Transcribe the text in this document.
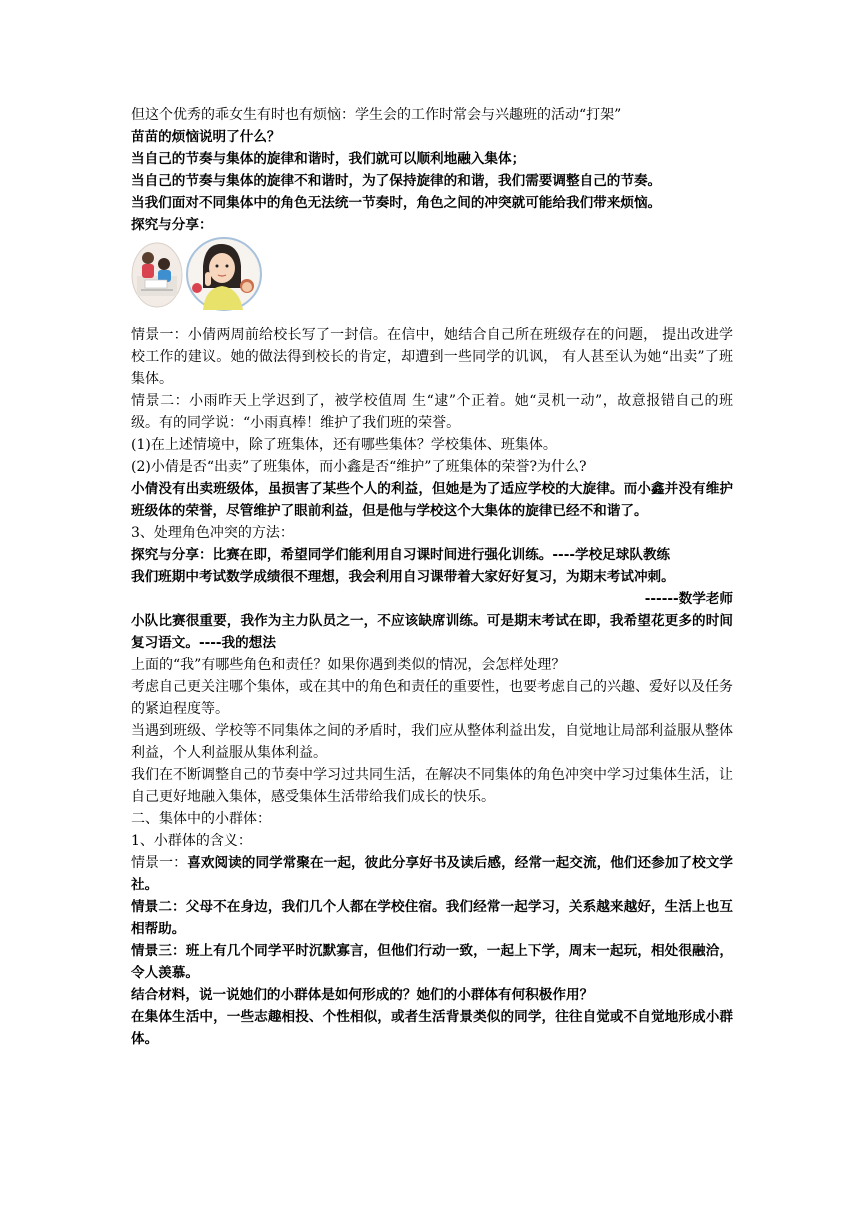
但这个优秀的乖女生有时也有烦恼：学生会的工作时常会与兴趣班的活动“打架”

苗苗的烦恼说明了什么？

当自己的节奏与集体的旋律和谐时，我们就可以顺利地融入集体；

当自己的节奏与集体的旋律不和谐时，为了保持旋律的和谐，我们需要调整自己的节奏。

当我们面对不同集体中的角色无法统一节奏时，角色之间的冲突就可能给我们带来烦恼。

探究与分享：

情景一：小倩两周前给校长写了一封信。在信中，她结合自己所在班级存在的问题， 提出改进学校工作的建议。她的做法得到校长的肯定，却遭到一些同学的讥讽， 有人甚至认为她“出卖”了班集体。

情景二：小雨昨天上学迟到了，被学校值周 生“逮”个正着。她“灵机一动”，故意报错自己的班级。有的同学说：“小雨真棒！维护了我们班的荣誉。

(1)在上述情境中，除了班集体，还有哪些集体？学校集体、班集体。

(2)小倩是否“出卖”了班集体，而小鑫是否“维护”了班集体的荣誉?为什么?

小倩没有出卖班级体，虽损害了某些个人的利益，但她是为了适应学校的大旋律。而小鑫并没有维护班级体的荣誉，尽管维护了眼前利益，但是他与学校这个大集体的旋律已经不和谐了。

3、处理角色冲突的方法：

探究与分享：比赛在即，希望同学们能利用自习课时间进行强化训练。----学校足球队教练

我们班期中考试数学成绩很不理想，我会利用自习课带着大家好好复习，为期末考试冲刺。

------数学老师

小队比赛很重要，我作为主力队员之一，不应该缺席训练。可是期末考试在即，我希望花更多的时间复习语文。----我的想法

上面的“我”有哪些角色和责任？如果你遇到类似的情况，会怎样处理？

考虑自己更关注哪个集体，或在其中的角色和责任的重要性，也要考虑自己的兴趣、爱好以及任务的紧迫程度等。

当遇到班级、学校等不同集体之间的矛盾时，我们应从整体利益出发，自觉地让局部利益服从整体利益，个人利益服从集体利益。

我们在不断调整自己的节奏中学习过共同生活，在解决不同集体的角色冲突中学习过集体生活，让自己更好地融入集体，感受集体生活带给我们成长的快乐。

二、集体中的小群体：

1、小群体的含义：

情景一：喜欢阅读的同学常聚在一起，彼此分享好书及读后感，经常一起交流，他们还参加了校文学社。

情景二：父母不在身边，我们几个人都在学校住宿。我们经常一起学习，关系越来越好，生活上也互相帮助。

情景三：班上有几个同学平时沉默寡言，但他们行动一致，一起上下学，周末一起玩，相处很融洽，令人羡慕。

结合材料，说一说她们的小群体是如何形成的？她们的小群体有何积极作用？

在集体生活中，一些志趣相投、个性相似，或者生活背景类似的同学，往往自觉或不自觉地形成小群体。
